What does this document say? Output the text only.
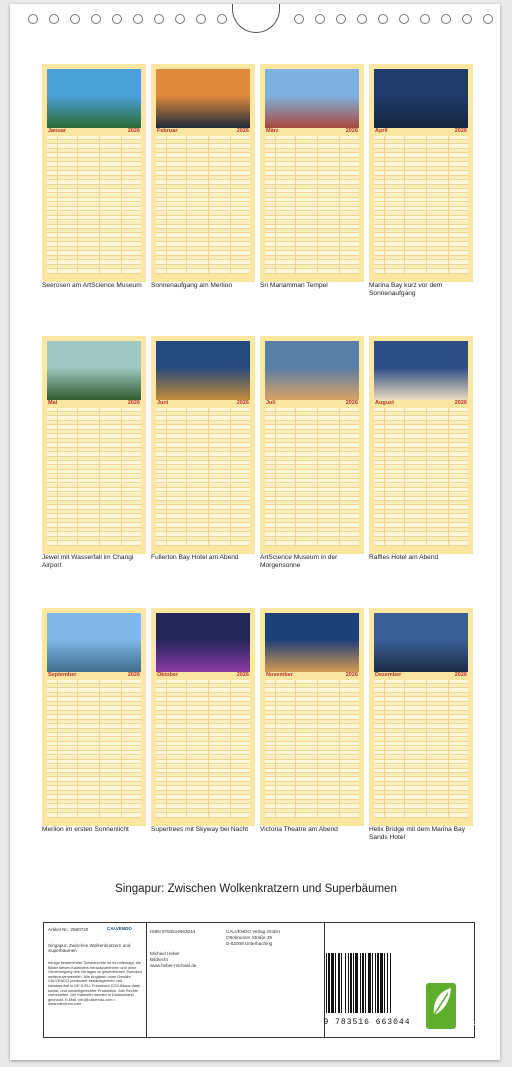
Januar	2026
Seerosen am ArtScience Museum
Februar	2026
Sonnenaufgang am Merlion
März	2026
Sri Mariamman Tempel
April	2026
Marina Bay kurz vor dem Sonnenaufgang
Mai	2026
Jewel mit Wasserfall im Changi Airport
Juni	2026
Fullerton Bay Hotel am Abend
Juli	2026
ArtScience Museum in der Morgensonne
August	2026
Raffles Hotel am Abend
September	2026
Merlion im ersten Sonnenlicht
Oktober	2026
Supertrees mit Skyway bei Nacht
November	2026
Victoria Theatre am Abend
Dezember	2026
Helix Bridge mit dem Marina Bay Sands Hotel
Singapur: Zwischen Wolkenkratzern und Superbäumen
Artikel Nr.: 2960720	CALVENDO
Singapur: Zwischen Wolkenkratzern und Superbäumen
Infolge bestehender Schutzrechte ist es untersagt, die Bilder dieses Kalenders herauszutrennen und ohne Genehmigung des Verlages zu gewerblichen Zwecken weiterzuverwenden. Alle Angaben ohne Gewähr. CALVENDO produziert bedarfsgerecht und klimaneutral in DE & EU. Prominent CO2-Bilanz dank sozial- und umweltgerechter Produktion. Alle Rechte vorbehalten. Die Kalender werden in Deutschland gedruckt. E-Mail: info@calvendo.com • www.calvendo.com
ISBN 9783516663044
Michael Heber
Bildrecht
www.heber-michael.de
CALVENDO Verlag GmbH
Ottobrunner Straße 39
D-82008 Unterhaching
9 783516 663044	eco
